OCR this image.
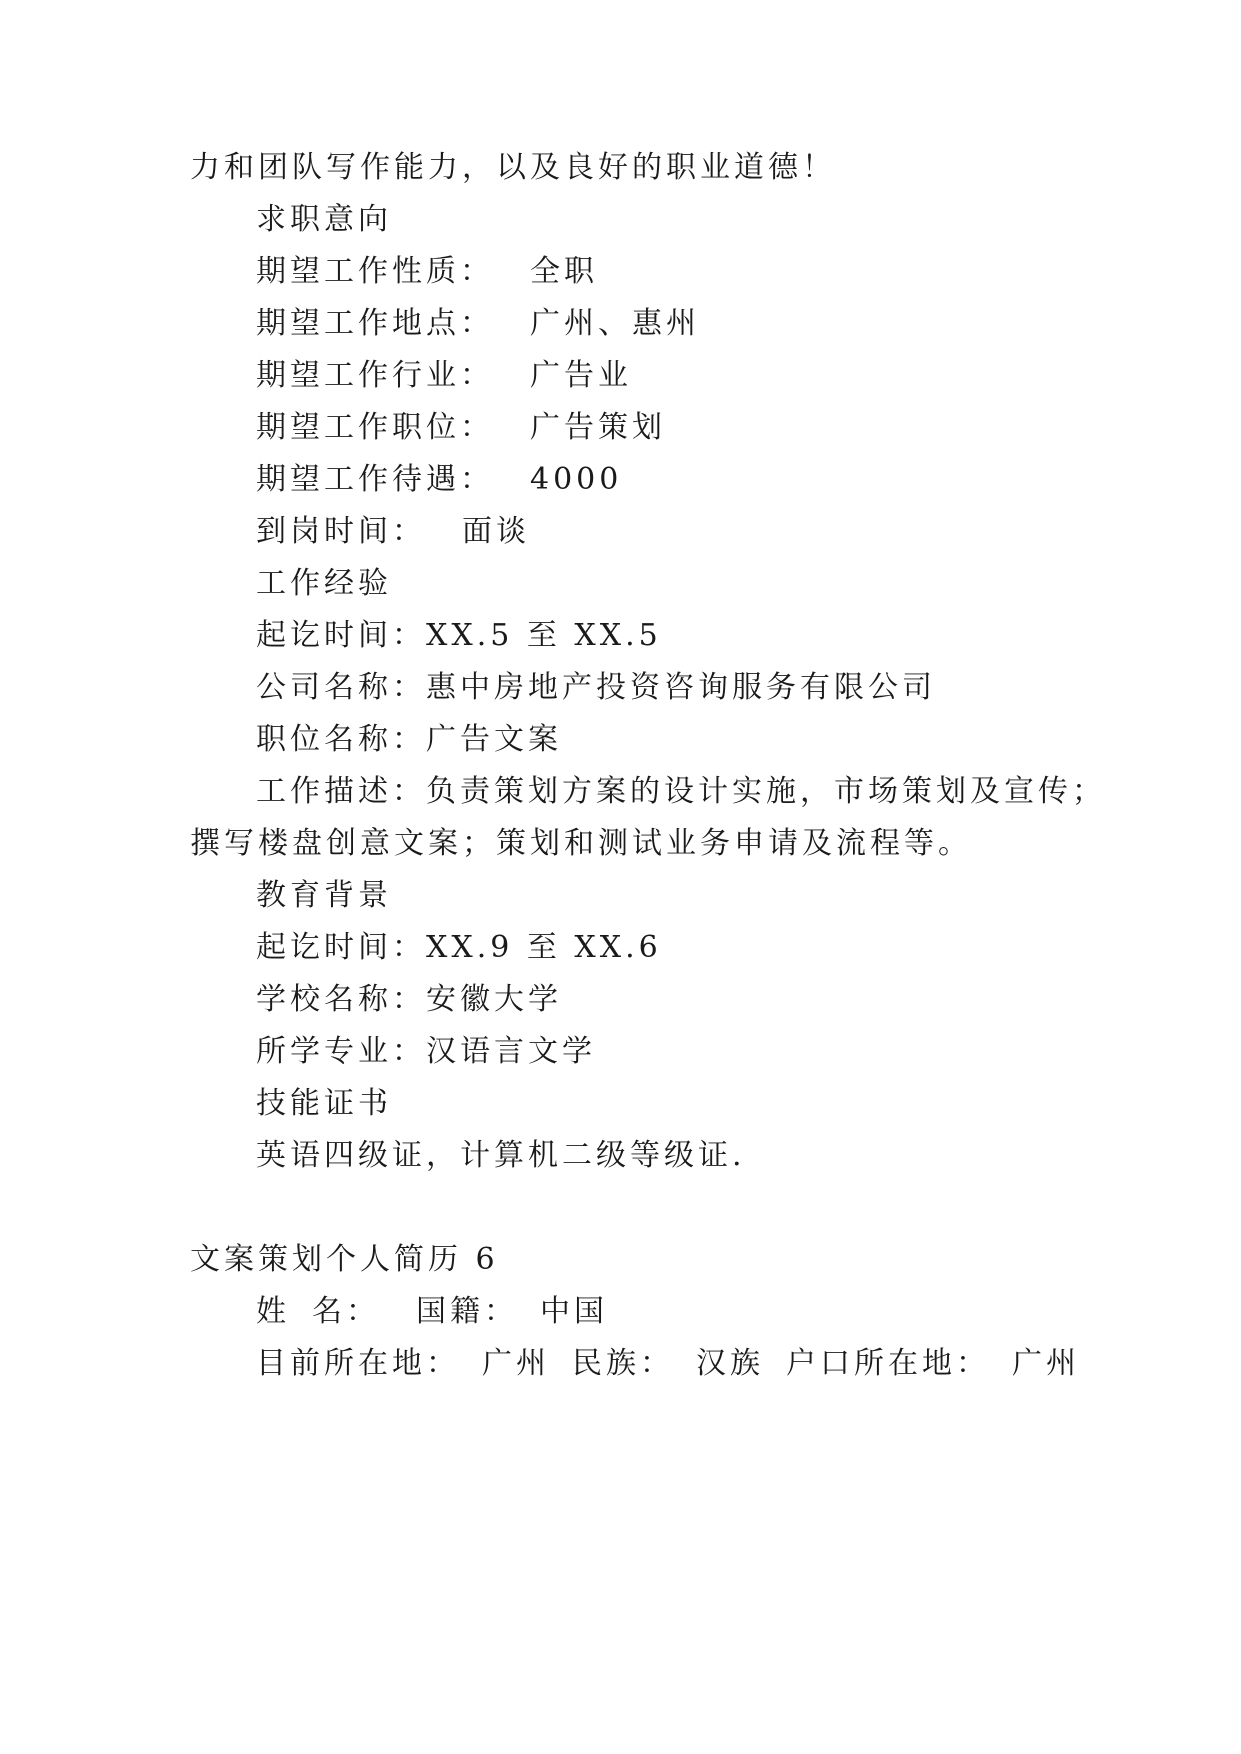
力和团队写作能力，以及良好的职业道德！

求职意向

期望工作性质： 全职

期望工作地点： 广州、惠州

期望工作行业： 广告业

期望工作职位： 广告策划

期望工作待遇： 4000

到岗时间： 面谈

工作经验

起讫时间：XX.5 至 XX.5

公司名称：惠中房地产投资咨询服务有限公司

职位名称：广告文案

工作描述：负责策划方案的设计实施，市场策划及宣传；

撰写楼盘创意文案；策划和测试业务申请及流程等。

教育背景

起讫时间：XX.9 至 XX.6

学校名称：安徽大学

所学专业：汉语言文学

技能证书

英语四级证，计算机二级等级证.

文案策划个人简历 6

姓 名： 国籍： 中国

目前所在地： 广州 民族： 汉族 户口所在地： 广州
